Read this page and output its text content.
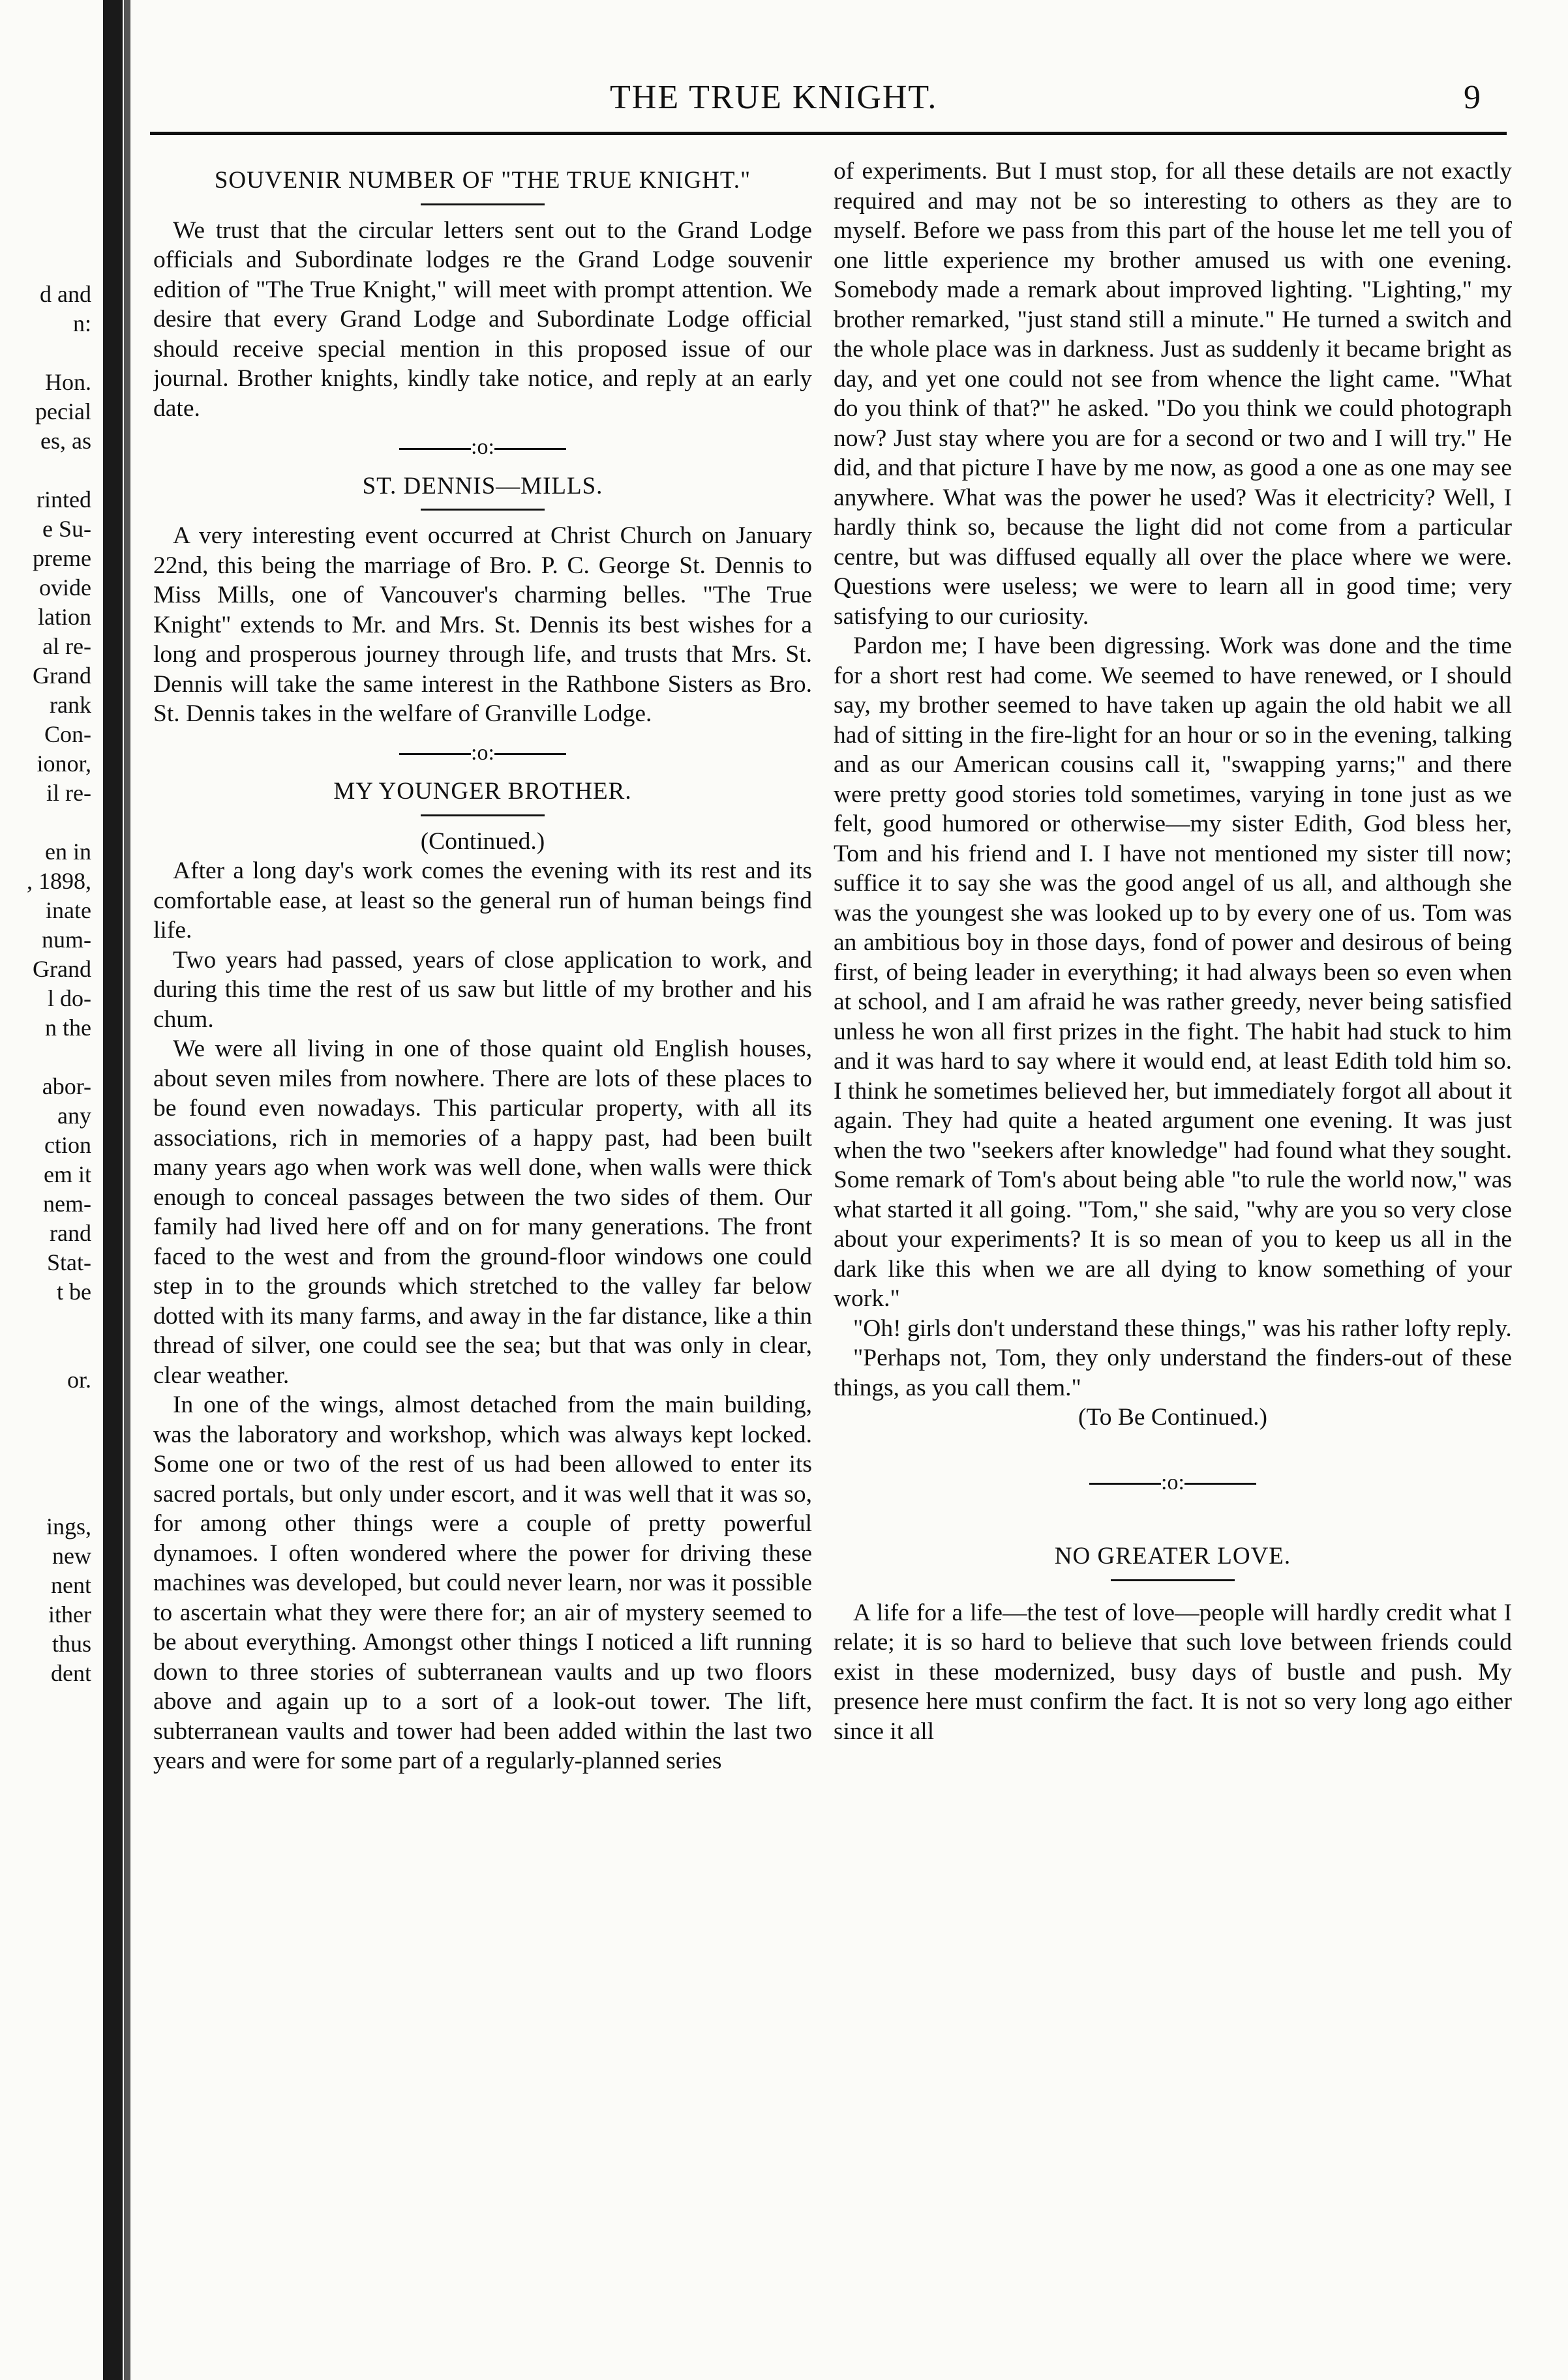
d and
n:
Hon.
pecial
es, as
rinted
e Su-
preme
ovide
lation
al re-
Grand
rank
Con-
ionor,
il re-
en in
, 1898,
inate
num-
Grand
l do-
n the
abor-
any
ction
em it
nem-
rand
Stat-
t be
or.
ings,
new
nent
ither
thus
dent
THE TRUE KNIGHT.	9
SOUVENIR NUMBER OF "THE TRUE KNIGHT."

We trust that the circular letters sent out to the Grand Lodge officials and Subordinate lodges re the Grand Lodge souvenir edition of "The True Knight," will meet with prompt attention. We desire that every Grand Lodge and Subordinate Lodge official should receive special mention in this proposed issue of our journal. Brother knights, kindly take notice, and reply at an early date.

:o:
ST. DENNIS—MILLS.

A very interesting event occurred at Christ Church on January 22nd, this being the marriage of Bro. P. C. George St. Dennis to Miss Mills, one of Vancouver's charming belles. "The True Knight" extends to Mr. and Mrs. St. Dennis its best wishes for a long and prosperous journey through life, and trusts that Mrs. St. Dennis will take the same interest in the Rathbone Sisters as Bro. St. Dennis takes in the welfare of Granville Lodge.

:o:
MY YOUNGER BROTHER.

(Continued.)

After a long day's work comes the evening with its rest and its comfortable ease, at least so the general run of human beings find life.

Two years had passed, years of close application to work, and during this time the rest of us saw but little of my brother and his chum.

We were all living in one of those quaint old English houses, about seven miles from nowhere. There are lots of these places to be found even nowadays. This particular property, with all its associations, rich in memories of a happy past, had been built many years ago when work was well done, when walls were thick enough to conceal passages between the two sides of them. Our family had lived here off and on for many generations. The front faced to the west and from the ground-floor windows one could step in to the grounds which stretched to the valley far below dotted with its many farms, and away in the far distance, like a thin thread of silver, one could see the sea; but that was only in clear, clear weather.

In one of the wings, almost detached from the main building, was the laboratory and workshop, which was always kept locked. Some one or two of the rest of us had been allowed to enter its sacred portals, but only under escort, and it was well that it was so, for among other things were a couple of pretty powerful dynamoes. I often wondered where the power for driving these machines was developed, but could never learn, nor was it possible to ascertain what they were there for; an air of mystery seemed to be about everything. Amongst other things I noticed a lift running down to three stories of subterranean vaults and up two floors above and again up to a sort of a look-out tower. The lift, subterranean vaults and tower had been added within the last two years and were for some part of a regularly-planned series

of experiments. But I must stop, for all these details are not exactly required and may not be so interesting to others as they are to myself. Before we pass from this part of the house let me tell you of one little experience my brother amused us with one evening. Somebody made a remark about improved lighting. "Lighting," my brother remarked, "just stand still a minute." He turned a switch and the whole place was in darkness. Just as suddenly it became bright as day, and yet one could not see from whence the light came. "What do you think of that?" he asked. "Do you think we could photograph now? Just stay where you are for a second or two and I will try." He did, and that picture I have by me now, as good a one as one may see anywhere. What was the power he used? Was it electricity? Well, I hardly think so, because the light did not come from a particular centre, but was diffused equally all over the place where we were. Questions were useless; we were to learn all in good time; very satisfying to our curiosity.

Pardon me; I have been digressing. Work was done and the time for a short rest had come. We seemed to have renewed, or I should say, my brother seemed to have taken up again the old habit we all had of sitting in the fire-light for an hour or so in the evening, talking and as our American cousins call it, "swapping yarns;" and there were pretty good stories told sometimes, varying in tone just as we felt, good humored or otherwise—my sister Edith, God bless her, Tom and his friend and I. I have not mentioned my sister till now; suffice it to say she was the good angel of us all, and although she was the youngest she was looked up to by every one of us. Tom was an ambitious boy in those days, fond of power and desirous of being first, of being leader in everything; it had always been so even when at school, and I am afraid he was rather greedy, never being satisfied unless he won all first prizes in the fight. The habit had stuck to him and it was hard to say where it would end, at least Edith told him so. I think he sometimes believed her, but immediately forgot all about it again. They had quite a heated argument one evening. It was just when the two "seekers after knowledge" had found what they sought. Some remark of Tom's about being able "to rule the world now," was what started it all going. "Tom," she said, "why are you so very close about your experiments? It is so mean of you to keep us all in the dark like this when we are all dying to know something of your work."

"Oh! girls don't understand these things," was his rather lofty reply.

"Perhaps not, Tom, they only understand the finders-out of these things, as you call them."

(To Be Continued.)

:o:
NO GREATER LOVE.

A life for a life—the test of love—people will hardly credit what I relate; it is so hard to believe that such love between friends could exist in these modernized, busy days of bustle and push. My presence here must confirm the fact. It is not so very long ago either since it all
